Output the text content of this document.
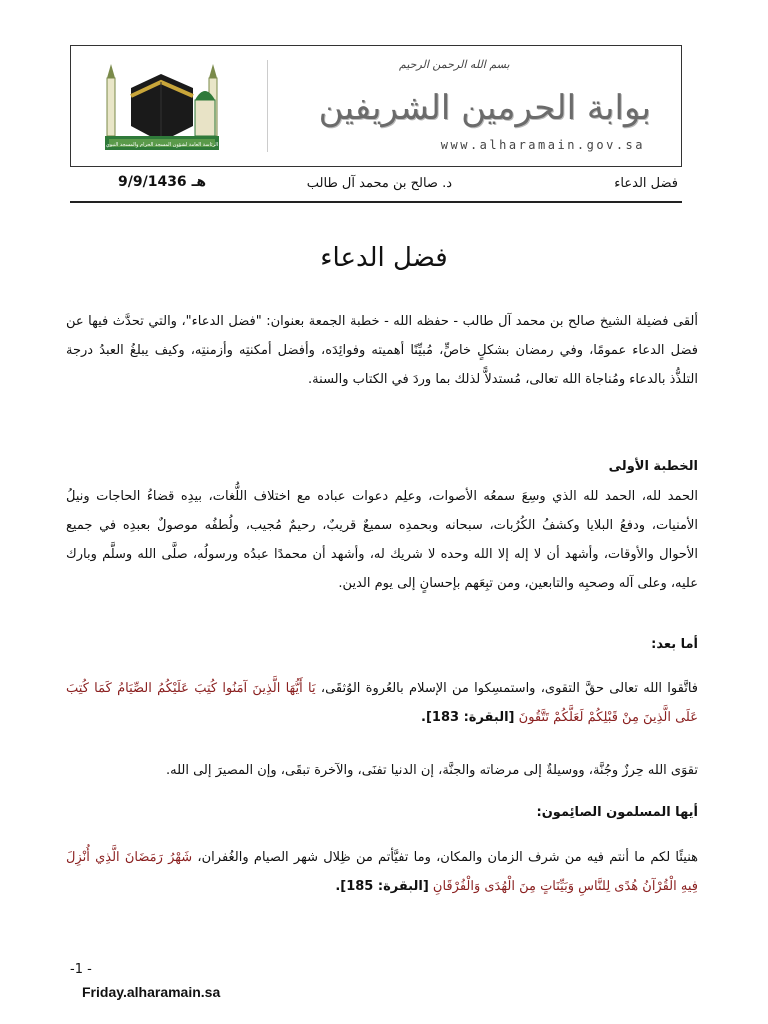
بسم الله الرحمن الرحيم
الرئاسة العامة لشؤون المسجد الحرام والمسجد النبوي
بوابة الحرمين الشريفين
www.alharamain.gov.sa
فضل الدعاء
د. صالح بن محمد آل طالب
9/9/1436 هـ
فضل الدعاء
ألقى فضيلة الشيخ صالح بن محمد آل طالب - حفظه الله - خطبة الجمعة بعنوان: "فضل الدعاء"، والتي تحدَّث فيها عن فضل الدعاء عمومًا، وفي رمضان بشكلٍ خاصٍّ، مُبيِّنًا أهميته وفوائِدَه، وأفضل أمكنتِه وأزمنتِه، وكيف يبلغُ العبدُ درجة التلذُّذ بالدعاء ومُناجاة الله تعالى، مُستدلاًّ لذلك بما وردَ في الكتاب والسنة.
الخطبة الأولى
الحمد لله، الحمد لله الذي وسِعَ سمعُه الأصوات، وعلِم دعوات عباده مع اختلاف اللُّغات، بيدِه قضاءُ الحاجات ونيلُ الأمنيات، ودفعُ البلايا وكشفُ الكُرُبات، سبحانه وبحمدِه سميعٌ قريبٌ، رحيمٌ مُجيب، ولُطفُه موصولٌ بعبدِه في جميع الأحوال والأوقات، وأشهد أن لا إله إلا الله وحده لا شريك له، وأشهد أن محمدًا عبدُه ورسولُه، صلَّى الله وسلَّم وبارك عليه، وعلى آله وصحبِه والتابعين، ومن تبِعَهم بإحسانٍ إلى يوم الدين.
أما بعد:
فاتَّقوا الله تعالى حقَّ التقوى، واستمسِكوا من الإسلام بالعُروة الوُثقَى، يَا أَيُّهَا الَّذِينَ آمَنُوا كُتِبَ عَلَيْكُمُ الصِّيَامُ كَمَا كُتِبَ عَلَى الَّذِينَ مِنْ قَبْلِكُمْ لَعَلَّكُمْ تَتَّقُونَ [البقرة: 183].
تقوَى الله حِرزٌ وجُنَّة، ووسيلةٌ إلى مرضاته والجنَّة، إن الدنيا تفنَى، والآخرة تبقَى، وإن المصيرَ إلى الله.
أيها المسلمون الصائِمون:
هنيئًا لكم ما أنتم فيه من شرف الزمان والمكان، وما تفيَّأتم من ظِلال شهر الصيام والغُفران، شَهْرُ رَمَضَانَ الَّذِي أُنْزِلَ فِيهِ الْقُرْآنُ هُدًى لِلنَّاسِ وَبَيِّنَاتٍ مِنَ الْهُدَى وَالْفُرْقَانِ [البقرة: 185].
-1 -
Friday.alharamain.sa
